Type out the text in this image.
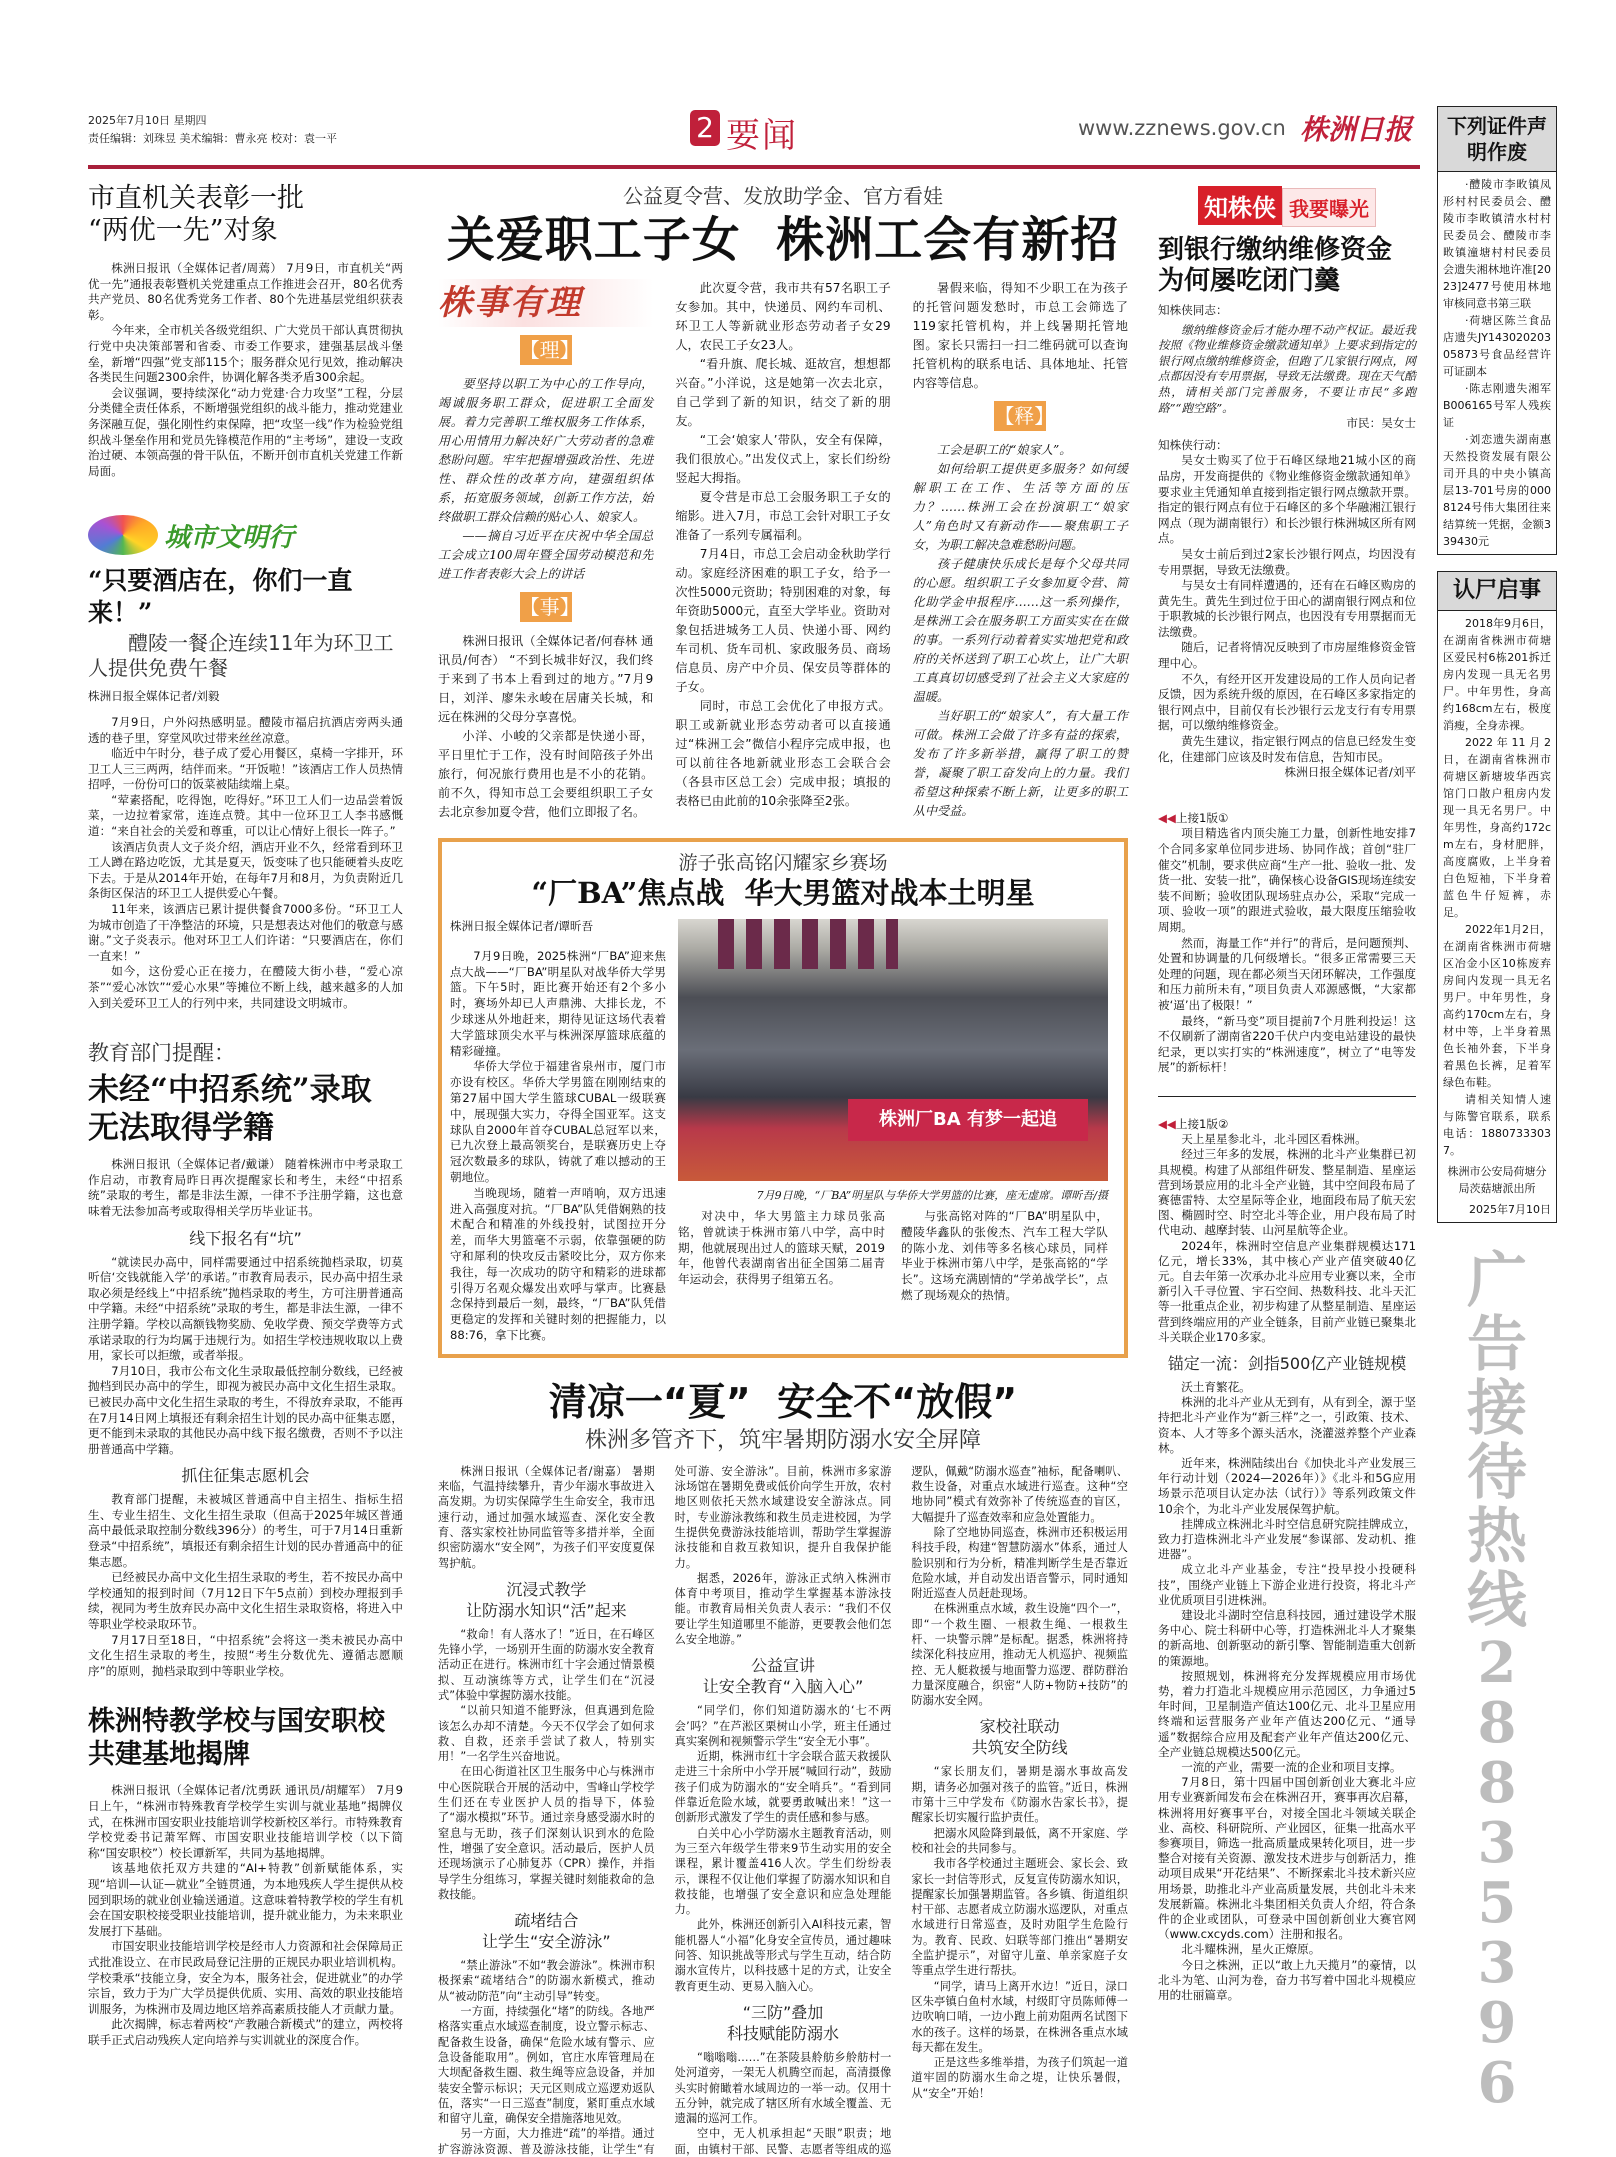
2025年7月10日 星期四
责任编辑：刘珠昱 美术编辑：曹永亮 校对：袁一平	2 要闻	www.zznews.gov.cn 株洲日报
市直机关表彰一批
“两优一先”对象

株洲日报讯（全媒体记者/周蔫） 7月9日，市直机关“两优一先”通报表彰暨机关党建重点工作推进会召开，80名优秀共产党员、80名优秀党务工作者、80个先进基层党组织获表彰。

今年来，全市机关各级党组织、广大党员干部认真贯彻执行党中央决策部署和省委、市委工作要求，建强基层战斗堡垒，新增“四强”党支部115个；服务群众见行见效，推动解决各类民生问题2300余件，协调化解各类矛盾300余起。

会议强调，要持续深化“动力党建·合力攻坚”工程，分层分类健全责任体系，不断增强党组织的战斗能力，推动党建业务深融互促，强化刚性约束保障，把“攻坚一线”作为检验党组织战斗堡垒作用和党员先锋模范作用的“主考场”，建设一支政治过硬、本领高强的骨干队伍，不断开创市直机关党建工作新局面。

城市文明行
“只要酒店在，你们一直来！”
醴陵一餐企连续11年为环卫工人提供免费午餐
株洲日报全媒体记者/刘毅

7月9日，户外闷热感明显。醴陵市福启抗酒店旁两头通透的巷子里，穿堂风吹过带来丝丝凉意。

临近中午时分，巷子成了爱心用餐区，桌椅一字排开，环卫工人三三两两，结伴而来。“开饭啦！”该酒店工作人员热情招呼，一份份可口的饭菜被陆续端上桌。

“荤素搭配，吃得饱，吃得好。”环卫工人们一边品尝着饭菜，一边拉着家常，连连点赞。其中一位环卫工人李书感慨道：“来自社会的关爱和尊重，可以让心情好上很长一阵子。”

该酒店负责人文子炎介绍，酒店开业不久，经常看到环卫工人蹲在路边吃饭，尤其是夏天，饭变味了也只能硬着头皮吃下去。于是从2014年开始，在每年7月和8月，为负责附近几条街区保洁的环卫工人提供爱心午餐。

11年来，该酒店已累计提供餐食7000多份。“环卫工人为城市创造了干净整洁的环境，只是想表达对他们的敬意与感谢。”文子炎表示。他对环卫工人们许诺：“只要酒店在，你们一直来！”

如今，这份爱心正在接力，在醴陵大街小巷，“爱心凉茶”“爱心冰饮”“爱心水果”等摊位不断上线，越来越多的人加入到关爱环卫工人的行列中来，共同建设文明城市。

教育部门提醒：
未经“中招系统”录取
无法取得学籍

株洲日报讯（全媒体记者/戴谦） 随着株洲市中考录取工作启动，市教育局昨日再次提醒家长和考生，未经“中招系统”录取的考生，都是非法生源，一律不予注册学籍，这也意味着无法参加高考或取得相关学历毕业证书。

线下报名有“坑”

“就读民办高中，同样需要通过中招系统抛档录取，切莫听信‘交钱就能入学’的承诺。”市教育局表示，民办高中招生录取必须是经线上“中招系统”抛档录取的考生，方可注册普通高中学籍。未经“中招系统”录取的考生，都是非法生源，一律不注册学籍。学校以高额钱物奖励、免收学费、预交学费等方式承诺录取的行为均属于违规行为。如招生学校违规收取以上费用，家长可以拒缴，或者举报。

7月10日，我市公布文化生录取最低控制分数线，已经被抛档到民办高中的学生，即视为被民办高中文化生招生录取。已被民办高中文化生招生录取的考生，不得放弃录取，不能再在7月14日网上填报还有剩余招生计划的民办高中征集志愿，更不能到未录取的其他民办高中线下报名缴费，否则不予以注册普通高中学籍。

抓住征集志愿机会

教育部门提醒，未被城区普通高中自主招生、指标生招生、专业生招生、文化生招生录取（但高于2025年城区普通高中最低录取控制分数线396分）的考生，可于7月14日重新登录“中招系统”，填报还有剩余招生计划的民办普通高中的征集志愿。

已经被民办高中文化生招生录取的考生，若不按民办高中学校通知的报到时间（7月12日下午5点前）到校办理报到手续，视同为考生放弃民办高中文化生招生录取资格，将进入中等职业学校录取环节。

7月17日至18日，“中招系统”会将这一类未被民办高中文化生招生录取的考生，按照“考生分数优先、遵循志愿顺序”的原则，抛档录取到中等职业学校。

株洲特教学校与国安职校
共建基地揭牌

株洲日报讯（全媒体记者/沈勇跃 通讯员/胡耀军） 7月9日上午，“株洲市特殊教育学校学生实训与就业基地”揭牌仪式，在株洲市国安职业技能培训学校新校区举行。市特殊教育学校党委书记萧军辉、市国安职业技能培训学校（以下简称“国安职校”）校长谭新军，共同为基地揭牌。

该基地依托双方共建的“AI+特教”创新赋能体系，实现“培训—认证—就业”全链贯通，为本地残疾人学生提供从校园到职场的就业创业输送通道。这意味着特教学校的学生有机会在国安职校接受职业技能培训，提升就业能力，为未来职业发展打下基础。

市国安职业技能培训学校是经市人力资源和社会保障局正式批准设立、在市民政局登记注册的正规民办职业培训机构。学校秉承“技能立身，安全为本，服务社会，促进就业”的办学宗旨，致力于为广大学员提供优质、实用、高效的职业技能培训服务，为株洲市及周边地区培养高素质技能人才贡献力量。

此次揭牌，标志着两校“产教融合新模式”的建立，两校将联手正式启动残疾人定向培养与实训就业的深度合作。

公益夏令营、发放助学金、官方看娃
关爱职工子女  株洲工会有新招
株事有理
【理】

要坚持以职工为中心的工作导向，竭诚服务职工群众，促进职工全面发展。着力完善职工维权服务工作体系，用心用情用力解决好广大劳动者的急难愁盼问题。牢牢把握增强政治性、先进性、群众性的改革方向，建强组织体系，拓宽服务领域，创新工作方法，始终做职工群众信赖的贴心人、娘家人。

——摘自习近平在庆祝中华全国总工会成立100周年暨全国劳动模范和先进工作者表彰大会上的讲话

【事】

株洲日报讯（全媒体记者/何春林 通讯员/何杏） “不到长城非好汉，我们终于来到了书本上看到过的地方。”7月9日，刘洋、廖朱永峻在居庸关长城，和远在株洲的父母分享喜悦。

小洋、小峻的父亲都是快递小哥，平日里忙于工作，没有时间陪孩子外出旅行，何况旅行费用也是不小的花销。前不久，得知市总工会要组织职工子女去北京参加夏令营，他们立即报了名。

此次夏令营，我市共有57名职工子女参加。其中，快递员、网约车司机、环卫工人等新就业形态劳动者子女29人，农民工子女23人。

“看升旗、爬长城、逛故宫，想想都兴奋。”小洋说，这是她第一次去北京，自己学到了新的知识，结交了新的朋友。

“工会‘娘家人’带队，安全有保障，我们很放心。”出发仪式上，家长们纷纷竖起大拇指。

夏令营是市总工会服务职工子女的缩影。进入7月，市总工会针对职工子女准备了一系列专属福利。

7月4日，市总工会启动金秋助学行动。家庭经济困难的职工子女，给予一次性5000元资助；特别困难的对象，每年资助5000元，直至大学毕业。资助对象包括进城务工人员、快递小哥、网约车司机、货车司机、家政服务员、商场信息员、房产中介员、保安员等群体的子女。

同时，市总工会优化了申报方式。职工或新就业形态劳动者可以直接通过“株洲工会”微信小程序完成申报，也可以前往各地新就业形态工会联合会（各县市区总工会）完成申报；填报的表格已由此前的10余张降至2张。

暑假来临，得知不少职工在为孩子的托管问题发愁时，市总工会筛选了119家托管机构，并上线暑期托管地图。家长只需扫一扫二维码就可以查询托管机构的联系电话、具体地址、托管内容等信息。

【释】

工会是职工的“娘家人”。

如何给职工提供更多服务？如何缓解职工在工作、生活等方面的压力？……株洲工会在扮演职工“娘家人”角色时又有新动作——聚焦职工子女，为职工解决急难愁盼问题。

孩子健康快乐成长是每个父母共同的心愿。组织职工子女参加夏令营、简化助学金申报程序……这一系列操作，是株洲工会在服务职工方面实实在在做的事。一系列行动着着实实地把党和政府的关怀送到了职工心坎上，让广大职工真真切切感受到了社会主义大家庭的温暖。

当好职工的“娘家人”，有大量工作可做。株洲工会做了许多有益的探索，发布了许多新举措，赢得了职工的赞誉，凝聚了职工奋发向上的力量。我们希望这种探索不断上新，让更多的职工从中受益。

游子张高铭闪耀家乡赛场
“厂BA”焦点战  华大男篮对战本土明星
株洲日报全媒体记者/谭昕吾

7月9日晚，2025株洲“厂BA”迎来焦点大战——“厂BA”明星队对战华侨大学男篮。下午5时，距比赛开始还有2个多小时，赛场外却已人声鼎沸、大排长龙，不少球迷从外地赶来，期待见证这场代表着大学篮球顶尖水平与株洲深厚篮球底蕴的精彩碰撞。

华侨大学位于福建省泉州市，厦门市亦设有校区。华侨大学男篮在刚刚结束的第27届中国大学生篮球CUBAL一级联赛中，展现强大实力，夺得全国亚军。这支球队自2000年首夺CUBAL总冠军以来，已九次登上最高领奖台，是联赛历史上夺冠次数最多的球队，铸就了难以撼动的王朝地位。

当晚现场，随着一声哨响，双方迅速进入高强度对抗。“厂BA”队凭借娴熟的技术配合和精准的外线投射，试图拉开分差，而华大男篮毫不示弱，依靠强硬的防守和犀利的快攻反击紧咬比分，双方你来我往，每一次成功的防守和精彩的进球都引得万名观众爆发出欢呼与掌声。比赛悬念保持到最后一刻，最终，“厂BA”队凭借更稳定的发挥和关键时刻的把握能力，以88:76，拿下比赛。

株洲厂BA 有梦一起追
7月9日晚，“厂BA”明星队与华侨大学男篮的比赛，座无虚席。谭昕吾/摄

对决中，华大男篮主力球员张高铭，曾就读于株洲市第八中学，高中时期，他就展现出过人的篮球天赋，2019年，他曾代表湖南省出征全国第二届青年运动会，获得男子组第五名。

与张高铭对阵的“厂BA”明星队中，醴陵华鑫队的张俊杰、汽车工程大学队的陈小龙、刘伟等多名核心球员，同样毕业于株洲市第八中学，是张高铭的“学长”。这场充满剧情的“学弟战学长”，点燃了现场观众的热情。

清凉一“夏”  安全不“放假”
株洲多管齐下，筑牢暑期防溺水安全屏障

株洲日报讯（全媒体记者/谢嘉） 暑期来临，气温持续攀升，青少年溺水事故进入高发期。为切实保障学生生命安全，我市迅速行动，通过加强水域巡查、深化安全教育、落实家校社协同监管等多措并举，全面织密防溺水“安全网”，为孩子们平安度夏保驾护航。

沉浸式教学
让防溺水知识“活”起来

“救命！有人落水了！”近日，在石峰区先锋小学，一场别开生面的防溺水安全教育活动正在进行。株洲市红十字会通过情景模拟、互动演练等方式，让学生们在“沉浸式”体验中掌握防溺水技能。

“以前只知道不能野泳，但真遇到危险该怎么办却不清楚。今天不仅学会了如何求救、自救，还亲手尝试了救人，特别实用！”一名学生兴奋地说。

在田心街道社区卫生服务中心与株洲市中心医院联合开展的活动中，雪峰山学校学生们还在专业医护人员的指导下，体验了“溺水模拟”环节。通过亲身感受溺水时的窒息与无助，孩子们深刻认识到水的危险性，增强了安全意识。活动最后，医护人员还现场演示了心肺复苏（CPR）操作，并指导学生分组练习，掌握关键时刻能救命的急救技能。

疏堵结合
让学生“安全游泳”

“禁止游泳”不如“教会游泳”。株洲市积极探索“疏堵结合”的防溺水新模式，推动从“被动防范”向“主动引导”转变。

一方面，持续强化“堵”的防线。各地严格落实重点水域巡查制度，设立警示标志、配备救生设备，确保“危险水域有警示、应急设备能取用”。例如，官庄水库管理局在大坝配备救生圈、救生绳等应急设备，并加装安全警示标识；天元区则成立巡逻劝返队伍，落实“一日三巡查”制度，紧盯重点水域和留守儿童，确保安全措施落地见效。

另一方面，大力推进“疏”的举措。通过扩容游泳资源、普及游泳技能，让学生“有处可游、安全游泳”。目前，株洲市多家游泳场馆在暑期免费或低价向学生开放，农村地区则依托天然水域建设安全游泳点。同时，专业游泳教练和救生员走进校园，为学生提供免费游泳技能培训，帮助学生掌握游泳技能和自救互救知识，提升自我保护能力。

据悉，2026年，游泳正式纳入株洲市体育中考项目，推动学生掌握基本游泳技能。市教育局相关负责人表示：“我们不仅要让学生知道哪里不能游，更要教会他们怎么安全地游。”

公益宣讲
让安全教育“入脑入心”

“同学们，你们知道防溺水的‘七不两会’吗？”在芦淞区栗树山小学，班主任通过真实案例和视频警示学生“安全无小事”。

近期，株洲市红十字会联合蓝天救援队走进三十余所中小学开展“喊回行动”，鼓励孩子们成为防溺水的“安全哨兵”。“看到同伴靠近危险水域，就要勇敢喊出来！”这一创新形式激发了学生的责任感和参与感。

白关中心小学防溺水主题教育活动，则为三至六年级学生带来9节生动实用的安全课程，累计覆盖416人次。学生们纷纷表示，课程不仅让他们掌握了防溺水知识和自救技能，也增强了安全意识和应急处理能力。

此外，株洲还创新引入AI科技元素，智能机器人“小福”化身安全宣传员，通过趣味问答、知识挑战等形式与学生互动，结合防溺水宣传片，以科技感十足的方式，让安全教育更生动、更易入脑入心。

“三防”叠加
科技赋能防溺水

“嗡嗡嗡……”在茶陵县舲舫乡舲舫村一处河道旁，一架无人机腾空而起，高清摄像头实时俯瞰着水域周边的一举一动。仅用十五分钟，就完成了辖区所有水域全覆盖、无遗漏的巡河工作。

空中，无人机承担起“天眼”职责；地面，由镇村干部、民警、志愿者等组成的巡逻队，佩戴“防溺水巡查”袖标，配备喇叭、救生设备，对重点水域进行巡查。这种“空地协同”模式有效弥补了传统巡查的盲区，大幅提升了巡查效率和应急处置能力。

除了空地协同巡查，株洲市还积极运用科技手段，构建“智慧防溺水”体系，通过人脸识别和行为分析，精准判断学生是否靠近危险水域，并自动发出语音警示，同时通知附近巡查人员赶赴现场。

在株洲重点水域，救生设施“四个一”，即“一个救生圈、一根救生绳、一根救生杆、一块警示牌”是标配。据悉，株洲将持续深化科技应用，推动无人机巡护、视频监控、无人艇救援与地面警力巡逻、群防群治力量深度融合，织密“人防+物防+技防”的防溺水安全网。

家校社联动
共筑安全防线

“家长朋友们，暑期是溺水事故高发期，请务必加强对孩子的监管。”近日，株洲市第十三中学发布《防溺水告家长书》，提醒家长切实履行监护责任。

把溺水风险降到最低，离不开家庭、学校和社会的共同参与。

我市各学校通过主题班会、家长会、致家长一封信等形式，反复宣传防溺水知识，提醒家长加强暑期监管。各乡镇、街道组织村干部、志愿者成立防溺水巡逻队，对重点水域进行日常巡查，及时劝阻学生危险行为。教育、民政、妇联等部门推出“暑期安全监护提示”，对留守儿童、单亲家庭子女等重点学生进行帮扶。

“同学，请马上离开水边！”近日，渌口区朱亭镇白鱼村水域，村级盯守员陈师傅一边吹响口哨，一边小跑上前劝阻两名试图下水的孩子。这样的场景，在株洲各重点水域每天都在发生。

正是这些多维举措，为孩子们筑起一道道牢固的防溺水生命之堤，让快乐暑假，从“安全”开始！

知株侠 我要曝光
到银行缴纳维修资金
为何屡吃闭门羹
知株侠同志：

缴纳维修资金后才能办理不动产权证。最近我按照《物业维修资金缴款通知单》上要求到指定的银行网点缴纳维修资金，但跑了几家银行网点，网点都因没有专用票据，导致无法缴费。现在天气酷热，请相关部门完善服务，不要让市民“多跑路”“跑空路”。

市民：吴女士
知株侠行动：

吴女士购买了位于石峰区绿地21城小区的商品房，开发商提供的《物业维修资金缴款通知单》要求业主凭通知单直接到指定银行网点缴款开票。指定的银行网点有位于石峰区的多个华融湘江银行网点（现为湖南银行）和长沙银行株洲城区所有网点。

吴女士前后到过2家长沙银行网点，均因没有专用票据，导致无法缴费。

与吴女士有同样遭遇的，还有在石峰区购房的黄先生。黄先生到过位于田心的湖南银行网点和位于职教城的长沙银行网点，也因没有专用票据而无法缴费。

随后，记者将情况反映到了市房屋维修资金管理中心。

不久，有经开区开发建设局的工作人员向记者反馈，因为系统升级的原因，在石峰区多家指定的银行网点中，目前仅有长沙银行云龙支行有专用票据，可以缴纳维修资金。

黄先生建议，指定银行网点的信息已经发生变化，住建部门应该及时发布信息，告知市民。

株洲日报全媒体记者/刘平
◀◀上接1版①

项目精选省内顶尖施工力量，创新性地安排7个合同多家单位同步进场、协同作战；首创“驻厂催交”机制，要求供应商“生产一批、验收一批、发货一批、安装一批”，确保核心设备GIS现场连续安装不间断；验收团队现场驻点办公，采取“完成一项、验收一项”的跟进式验收，最大限度压缩验收周期。

然而，海量工作“并行”的背后，是问题预判、处置和协调量的几何级增长。“很多正常需要三天处理的问题，现在都必须当天闭环解决，工作强度和压力前所未有，”项目负责人邓源感慨，“大家都被‘逼’出了极限！”

最终，“新马变”项目提前7个月胜利投运！这不仅刷新了湖南省220千伏户内变电站建设的最快纪录，更以实打实的“株洲速度”，树立了“电等发展”的新标杆！

◀◀上接1版②

天上星星参北斗，北斗园区看株洲。

经过三年多的发展，株洲的北斗产业集群已初具规模。构建了从部组件研发、整星制造、星座运营到场景应用的北斗全产业链，其中空间段布局了赛德雷特、太空星际等企业，地面段布局了航天宏图、椭圆时空、时空北斗等企业，用户段布局了时代电动、越摩封装、山河星航等企业。

2024年，株洲时空信息产业集群规模达171亿元，增长33%，其中核心产业产值突破40亿元。自去年第一次承办北斗应用专业赛以来，全市新引入千寻位置、宇石空间、热数科技、北斗天汇等一批重点企业，初步构建了从整星制造、星座运营到终端应用的产业全链条，目前产业链已聚集北斗关联企业170多家。

锚定一流：剑指500亿产业链规模

沃土育繁花。

株洲的北斗产业从无到有，从有到全，源于坚持把北斗产业作为“新三样”之一，引政策、技术、资本、人才等多个源头活水，浇灌滋养整个产业森林。

近年来，株洲陆续出台《加快北斗产业发展三年行动计划（2024—2026年）》《北斗和5G应用场景示范项目认定办法（试行）》等系列政策文件10余个，为北斗产业发展保驾护航。

挂牌成立株洲北斗时空信息研究院挂牌成立，致力打造株洲北斗产业发展“参谋部、发动机、推进器”。

成立北斗产业基金，专注“投早投小投硬科技”，围绕产业链上下游企业进行投资，将北斗产业优质项目引进株洲。

建设北斗湖时空信息科技园，通过建设学术服务中心、院士科研中心等，打造株洲北斗人才聚集的新高地、创新驱动的新引擎、智能制造重大创新的策源地。

按照规划，株洲将充分发挥规模应用市场优势，着力打造北斗规模应用示范园区，力争通过5年时间，卫星制造产值达100亿元、北斗卫星应用终端和运营服务产业年产值达200亿元、“通导遥”数据综合应用及配套产业年产值达200亿元、全产业链总规模达500亿元。

一流的产业，需要一流的企业和项目支撑。

7月8日，第十四届中国创新创业大赛北斗应用专业赛新闻发布会在株洲召开，赛事再次启幕，株洲将用好赛事平台，对接全国北斗领域关联企业、高校、科研院所、产业园区，征集一批高水平参赛项目，筛选一批高质量成果转化项目，进一步整合对接有关资源、激发技术进步与创新活力，推动项目成果“开花结果”、不断探索北斗技术新兴应用场景，助推北斗产业高质量发展，共创北斗未来发展新篇。株洲北斗集团相关负责人介绍，符合条件的企业或团队，可登录中国创新创业大赛官网（www.cxcyds.com）注册和报名。

北斗耀株洲，星火正燎原。

今日之株洲，正以“敢上九天揽月”的豪情，以北斗为笔、山河为卷，奋力书写着中国北斗规模应用的壮丽篇章。

下列证件声明作废

·醴陵市李畋镇凤形村村民委员会、醴陵市李畋镇清水村村民委员会、醴陵市李畋镇潼塘村村民委员会遗失湘林地许准[2023]2477号使用林地审核同意书第三联

·荷塘区陈兰食品店遗失JY14302020305873号食品经营许可证副本

·陈志刚遗失湘军B006165号军人残疾证

·刘恋遗失湖南惠天然投资发展有限公司开具的中央小镇高层13-701号房的0008124号伟大集团往来结算统一凭据，金额339430元

认尸启事

2018年9月6日，在湖南省株洲市荷塘区爱民村6栋201拆迁房内发现一具无名男尸。中年男性，身高约168cm左右，极度消瘦，全身赤裸。

2022年11月2日，在湖南省株洲市荷塘区新塘坡华西宾馆门口散户租房内发现一具无名男尸。中年男性，身高约172cm左右，身材肥胖，高度腐败，上半身着白色短袖，下半身着蓝色牛仔短裤，赤足。

2022年1月2日，在湖南省株洲市荷塘区冶金小区10栋废弃房间内发现一具无名男尸。中年男性，身高约170cm左右，身材中等，上半身着黑色长袖外套，下半身着黑色长裤，足着军绿色布鞋。

请相关知情人速与陈警官联系，联系电话：18807333037。

株洲市公安局荷塘分局茨菇塘派出所
2025年7月10日
广告接待热线
28835396
